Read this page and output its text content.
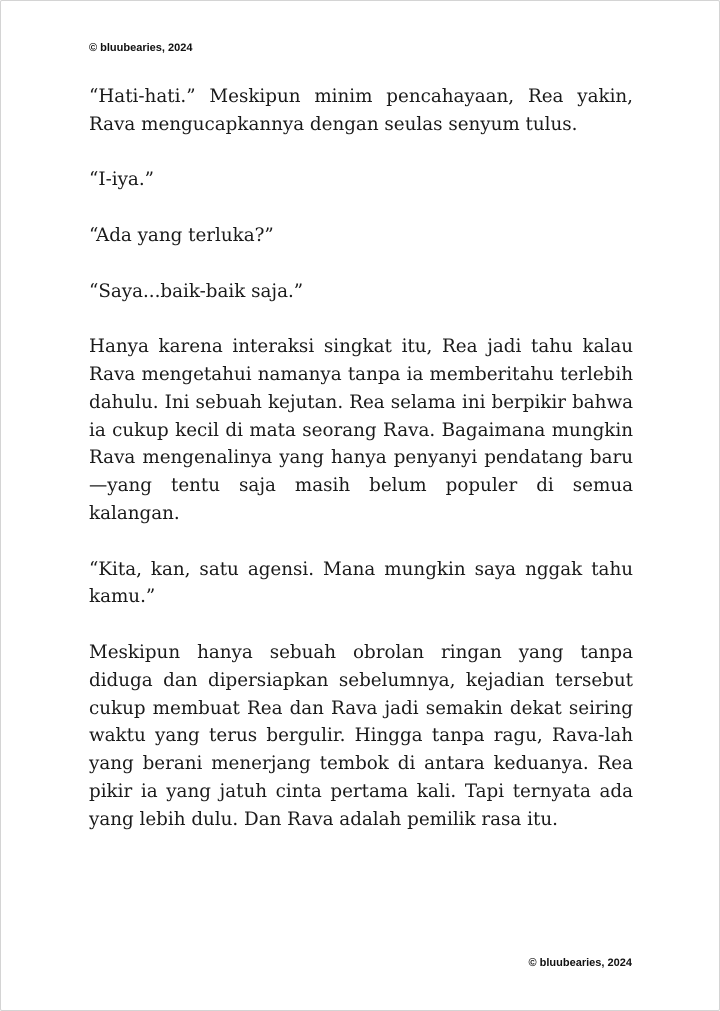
© bluubearies, 2024

“Hati-hati.” Meskipun minim pencahayaan, Rea yakin, Rava mengucapkannya dengan seulas senyum tulus.

“I-iya.”

“Ada yang terluka?”

“Saya...baik-baik saja.”

Hanya karena interaksi singkat itu, Rea jadi tahu kalau Rava mengetahui namanya tanpa ia memberitahu terlebih dahulu. Ini sebuah kejutan. Rea selama ini berpikir bahwa ia cukup kecil di mata seorang Rava. Bagaimana mungkin Rava mengenalinya yang hanya penyanyi pendatang baru—yang tentu saja masih belum populer di semua kalangan.

“Kita, kan, satu agensi. Mana mungkin saya nggak tahu kamu.”

Meskipun hanya sebuah obrolan ringan yang tanpa diduga dan dipersiapkan sebelumnya, kejadian tersebut cukup membuat Rea dan Rava jadi semakin dekat seiring waktu yang terus bergulir. Hingga tanpa ragu, Rava-lah yang berani menerjang tembok di antara keduanya. Rea pikir ia yang jatuh cinta pertama kali. Tapi ternyata ada yang lebih dulu. Dan Rava adalah pemilik rasa itu.

© bluubearies, 2024
